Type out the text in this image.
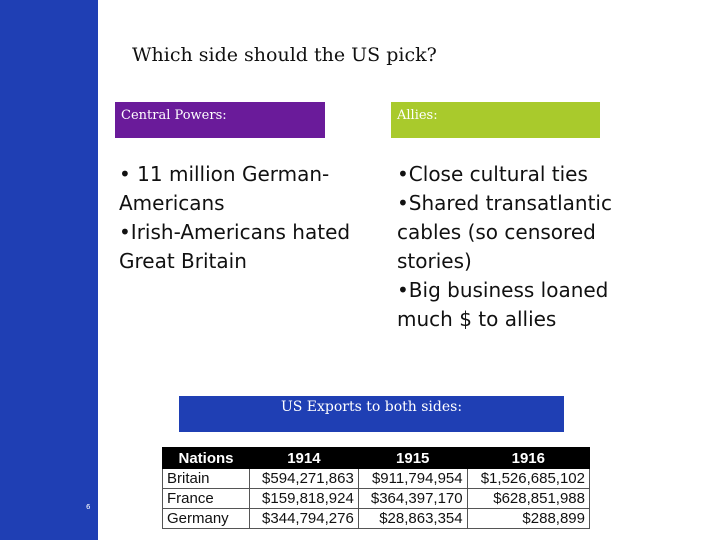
6
Which side should the US pick?
Central Powers:	Allies:
• 11 million German-Americans
•Irish-Americans hated Great Britain
•Close cultural ties
•Shared transatlantic cables (so censored stories)
•Big business loaned much $ to allies
US Exports to both sides:
Nations	1914	1915	1916
Britain	$594,271,863	$911,794,954	$1,526,685,102
France	$159,818,924	$364,397,170	$628,851,988
Germany	$344,794,276	$28,863,354	$288,899
